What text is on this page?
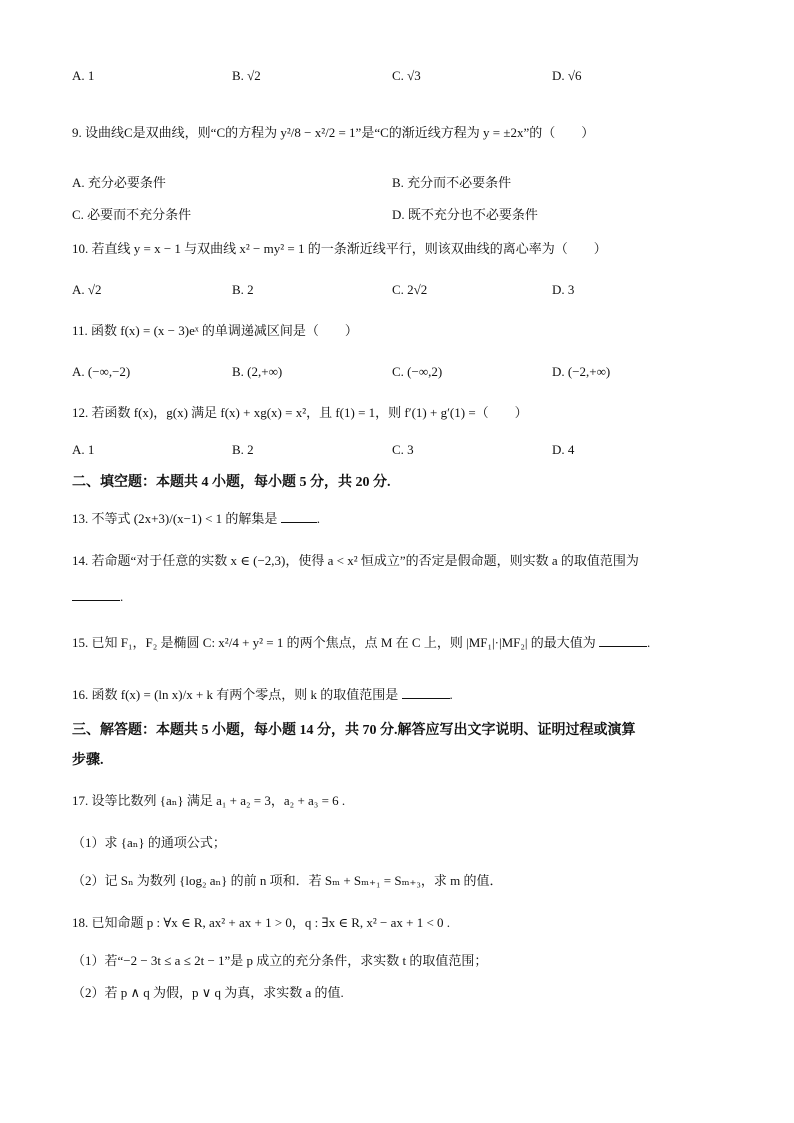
A. 1	B. √2	C. √3	D. √6
9. 设曲线C是双曲线，则“C的方程为 y²/8 − x²/2 = 1”是“C的渐近线方程为 y = ±2x”的（　　）
A. 充分必要条件	B. 充分而不必要条件
C. 必要而不充分条件	D. 既不充分也不必要条件
10. 若直线 y = x − 1 与双曲线 x² − my² = 1 的一条渐近线平行，则该双曲线的离心率为（　　）
A. √2	B. 2	C. 2√2	D. 3
11. 函数 f(x) = (x − 3)eˣ 的单调递减区间是（　　）
A. (−∞,−2)	B. (2,+∞)	C. (−∞,2)	D. (−2,+∞)
12. 若函数 f(x)，g(x) 满足 f(x) + xg(x) = x²，且 f(1) = 1，则 f′(1) + g′(1) =（　　）
A. 1	B. 2	C. 3	D. 4
二、填空题：本题共 4 小题，每小题 5 分，共 20 分.
13. 不等式 (2x+3)/(x−1) < 1 的解集是	.
14. 若命题“对于任意的实数 x ∈ (−2,3)，使得 a < x² 恒成立”的否定是假命题，则实数 a 的取值范围为
.
15. 已知 F₁，F₂ 是椭圆 C: x²/4 + y² = 1 的两个焦点，点 M 在 C 上，则 |MF₁|·|MF₂| 的最大值为	.
16. 函数 f(x) = (ln x)/x + k 有两个零点，则 k 的取值范围是	.
三、解答题：本题共 5 小题，每小题 14 分，共 70 分.解答应写出文字说明、证明过程或演算
步骤.
17. 设等比数列 {aₙ} 满足 a₁ + a₂ = 3，a₂ + a₃ = 6 .
（1）求 {aₙ} 的通项公式；
（2）记 Sₙ 为数列 {log₂ aₙ} 的前 n 项和．若 Sₘ + Sₘ₊₁ = Sₘ₊₃，求 m 的值．
18. 已知命题 p : ∀x ∈ R, ax² + ax + 1 > 0，q : ∃x ∈ R, x² − ax + 1 < 0 .
（1）若“−2 − 3t ≤ a ≤ 2t − 1”是 p 成立的充分条件，求实数 t 的取值范围；
（2）若 p ∧ q 为假，p ∨ q 为真，求实数 a 的值.
